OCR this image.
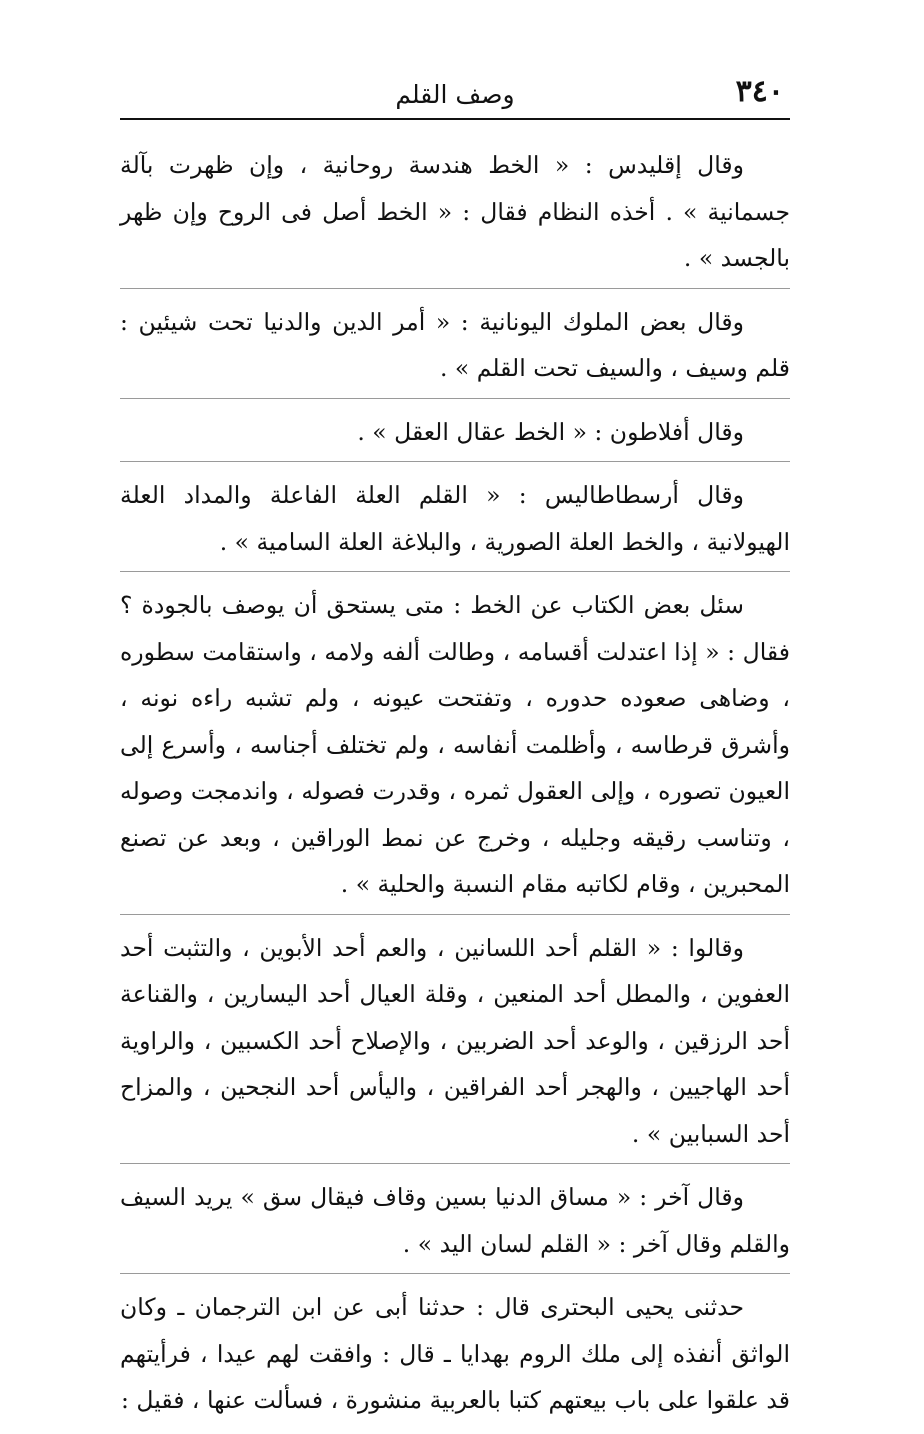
٣٤٠
وصف القلم

وقال إقليدس : « الخط هندسة روحانية ، وإن ظهرت بآلة جسمانية » . أخذه النظام فقال : « الخط أصل فى الروح وإن ظهر بالجسد » .

وقال بعض الملوك اليونانية : « أمر الدين والدنيا تحت شيئين : قلم وسيف ، والسيف تحت القلم » .

وقال أفلاطون : « الخط عقال العقل » .

وقال أرسطاطاليس : « القلم العلة الفاعلة والمداد العلة الهيولانية ، والخط العلة الصورية ، والبلاغة العلة السامية » .

سئل بعض الكتاب عن الخط : متى يستحق أن يوصف بالجودة ؟ فقال : « إذا اعتدلت أقسامه ، وطالت ألفه ولامه ، واستقامت سطوره ، وضاهى صعوده حدوره ، وتفتحت عيونه ، ولم تشبه راءه نونه ، وأشرق قرطاسه ، وأظلمت أنفاسه ، ولم تختلف أجناسه ، وأسرع إلى العيون تصوره ، وإلى العقول ثمره ، وقدرت فصوله ، واندمجت وصوله ، وتناسب رقيقه وجليله ، وخرج عن نمط الوراقين ، وبعد عن تصنع المحبرين ، وقام لكاتبه مقام النسبة والحلية » .

وقالوا : « القلم أحد اللسانين ، والعم أحد الأبوين ، والتثبت أحد العفوين ، والمطل أحد المنعين ، وقلة العيال أحد اليسارين ، والقناعة أحد الرزقين ، والوعد أحد الضربين ، والإصلاح أحد الكسبين ، والراوية أحد الهاجيين ، والهجر أحد الفراقين ، واليأس أحد النجحين ، والمزاح أحد السبابين » .

وقال آخر : « مساق الدنيا بسين وقاف فيقال سق » يريد السيف والقلم وقال آخر : « القلم لسان اليد » .

حدثنى يحيى البحترى قال : حدثنا أبى عن ابن الترجمان ـ وكان الواثق أنفذه إلى ملك الروم بهدايا ـ قال : وافقت لهم عيدا ، فرأيتهم قد علقوا على باب بيعتهم كتبا بالعربية منشورة ، فسألت عنها ، فقيل :
